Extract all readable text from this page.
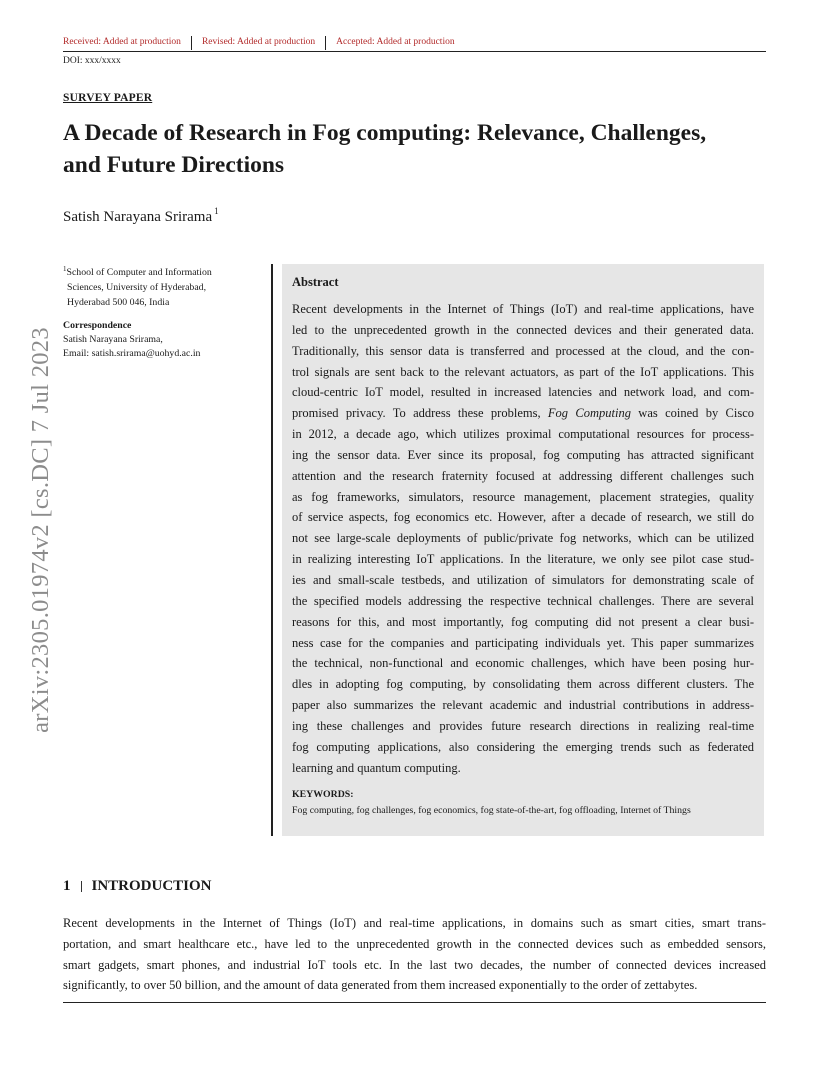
Received: Added at production	Revised: Added at production	Accepted: Added at production
DOI: xxx/xxxx
SURVEY PAPER
A Decade of Research in Fog computing: Relevance, Challenges,
and Future Directions
Satish Narayana Srirama $^1$
arXiv:2305.01974v2 [cs.DC] 7 Jul 2023
$^1$School of Computer and Information
Sciences, University of Hyderabad,
Hyderabad 500 046, India
Correspondence
Satish Narayana Srirama,
Email: satish.srirama@uohyd.ac.in
Abstract
Recent developments in the Internet of Things (IoT) and real-time applications, have
led to the unprecedented growth in the connected devices and their generated data.
Traditionally, this sensor data is transferred and processed at the cloud, and the con-
trol signals are sent back to the relevant actuators, as part of the IoT applications. This
cloud-centric IoT model, resulted in increased latencies and network load, and com-
promised privacy. To address these problems, Fog Computing was coined by Cisco
in 2012, a decade ago, which utilizes proximal computational resources for process-
ing the sensor data. Ever since its proposal, fog computing has attracted significant
attention and the research fraternity focused at addressing different challenges such
as fog frameworks, simulators, resource management, placement strategies, quality
of service aspects, fog economics etc. However, after a decade of research, we still do
not see large-scale deployments of public/private fog networks, which can be utilized
in realizing interesting IoT applications. In the literature, we only see pilot case stud-
ies and small-scale testbeds, and utilization of simulators for demonstrating scale of
the specified models addressing the respective technical challenges. There are several
reasons for this, and most importantly, fog computing did not present a clear busi-
ness case for the companies and participating individuals yet. This paper summarizes
the technical, non-functional and economic challenges, which have been posing hur-
dles in adopting fog computing, by consolidating them across different clusters. The
paper also summarizes the relevant academic and industrial contributions in address-
ing these challenges and provides future research directions in realizing real-time
fog computing applications, also considering the emerging trends such as federated
learning and quantum computing.
KEYWORDS:
Fog computing, fog challenges, fog economics, fog state-of-the-art, fog offloading, Internet of Things
1 INTRODUCTION
Recent developments in the Internet of Things (IoT) and real-time applications, in domains such as smart cities, smart trans-
portation, and smart healthcare etc., have led to the unprecedented growth in the connected devices such as embedded sensors,
smart gadgets, smart phones, and industrial IoT tools etc. In the last two decades, the number of connected devices increased
significantly, to over 50 billion, and the amount of data generated from them increased exponentially to the order of zettabytes.
